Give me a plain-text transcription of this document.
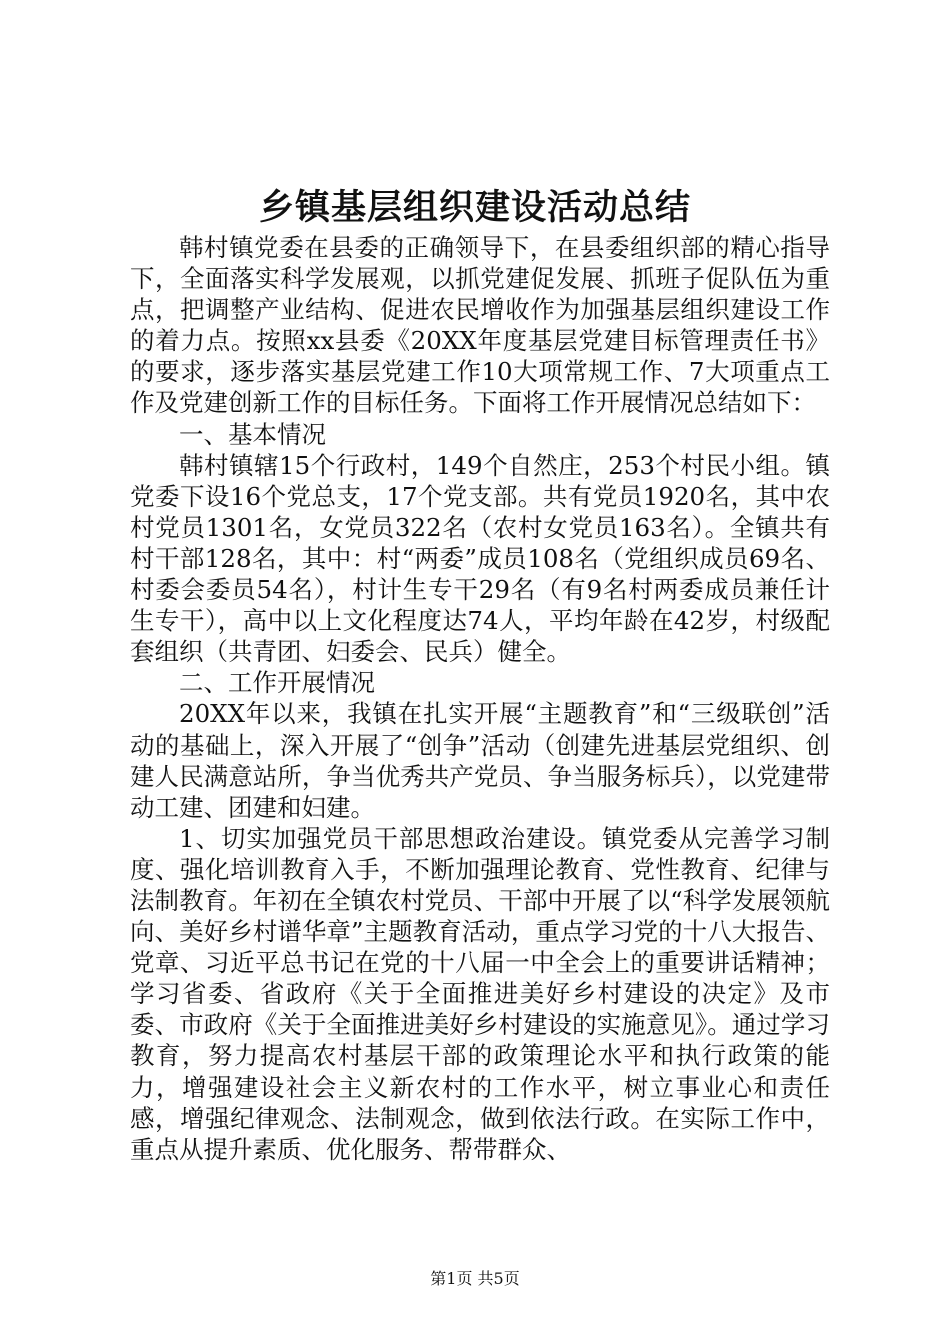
乡镇基层组织建设活动总结

韩村镇党委在县委的正确领导下，在县委组织部的精心指导下，全面落实科学发展观，以抓党建促发展、抓班子促队伍为重点，把调整产业结构、促进农民增收作为加强基层组织建设工作的着力点。按照xx县委《20XX年度基层党建目标管理责任书》的要求，逐步落实基层党建工作10大项常规工作、7大项重点工作及党建创新工作的目标任务。下面将工作开展情况总结如下：

一、基本情况

韩村镇辖15个行政村，149个自然庄，253个村民小组。镇党委下设16个党总支，17个党支部。共有党员1920名，其中农村党员1301名，女党员322名（农村女党员163名）。全镇共有村干部128名，其中：村“两委”成员108名（党组织成员69名、村委会委员54名），村计生专干29名（有9名村两委成员兼任计生专干），高中以上文化程度达74人，平均年龄在42岁，村级配套组织（共青团、妇委会、民兵）健全。

二、工作开展情况

20XX年以来，我镇在扎实开展“主题教育”和“三级联创”活动的基础上，深入开展了“创争”活动（创建先进基层党组织、创建人民满意站所，争当优秀共产党员、争当服务标兵），以党建带动工建、团建和妇建。

1、切实加强党员干部思想政治建设。镇党委从完善学习制度、强化培训教育入手，不断加强理论教育、党性教育、纪律与法制教育。年初在全镇农村党员、干部中开展了以“科学发展领航向、美好乡村谱华章”主题教育活动，重点学习党的十八大报告、党章、习近平总书记在党的十八届一中全会上的重要讲话精神；学习省委、省政府《关于全面推进美好乡村建设的决定》及市委、市政府《关于全面推进美好乡村建设的实施意见》。通过学习教育，努力提高农村基层干部的政策理论水平和执行政策的能力，增强建设社会主义新农村的工作水平，树立事业心和责任感，增强纪律观念、法制观念，做到依法行政。在实际工作中，重点从提升素质、优化服务、帮带群众、

第1页 共5页
